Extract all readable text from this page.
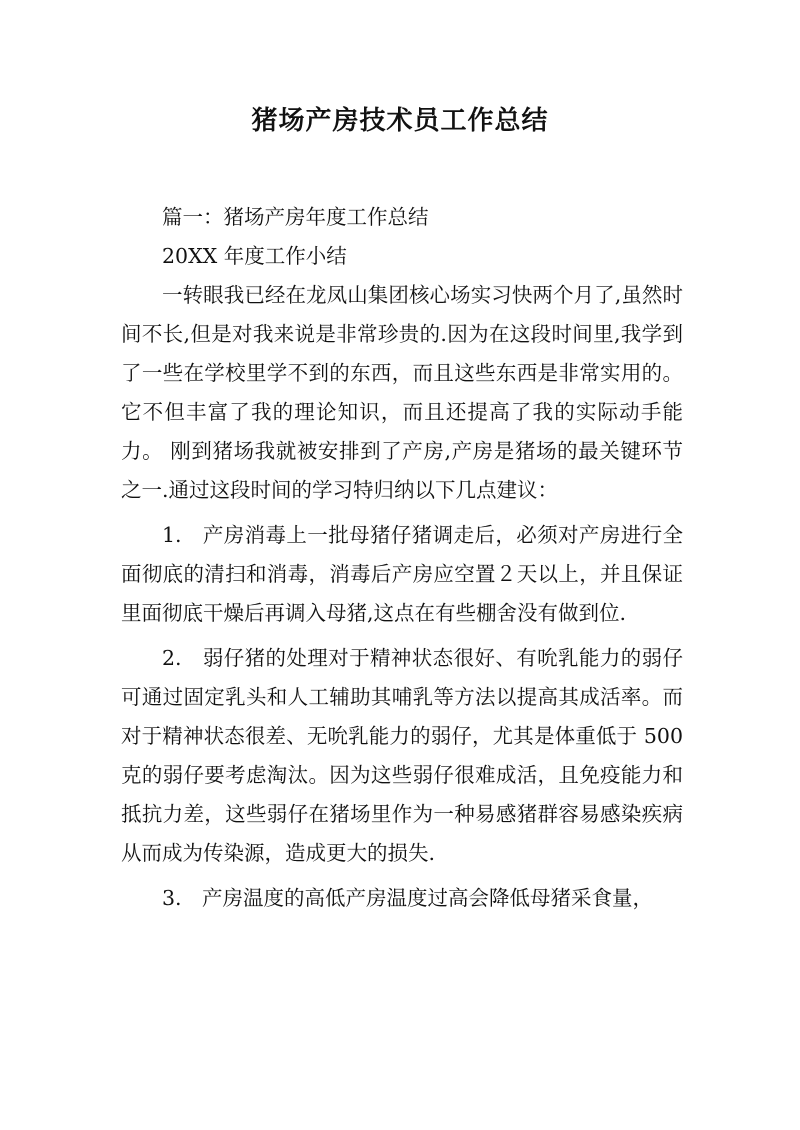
猪场产房技术员工作总结

篇一：猪场产房年度工作总结

20XX 年度工作小结

一转眼我已经在龙凤山集团核心场实习快两个月了,虽然时间不长,但是对我来说是非常珍贵的.因为在这段时间里,我学到了一些在学校里学不到的东西，而且这些东西是非常实用的。它不但丰富了我的理论知识，而且还提高了我的实际动手能力。 刚到猪场我就被安排到了产房,产房是猪场的最关键环节之一.通过这段时间的学习特归纳以下几点建议：

1.　产房消毒上一批母猪仔猪调走后，必须对产房进行全面彻底的清扫和消毒，消毒后产房应空置２天以上，并且保证里面彻底干燥后再调入母猪,这点在有些棚舍没有做到位.

2.　弱仔猪的处理对于精神状态很好、有吮乳能力的弱仔可通过固定乳头和人工辅助其哺乳等方法以提高其成活率。而对于精神状态很差、无吮乳能力的弱仔，尤其是体重低于 500 克的弱仔要考虑淘汰。因为这些弱仔很难成活，且免疫能力和抵抗力差，这些弱仔在猪场里作为一种易感猪群容易感染疾病从而成为传染源，造成更大的损失.

3.　产房温度的高低产房温度过高会降低母猪采食量，
